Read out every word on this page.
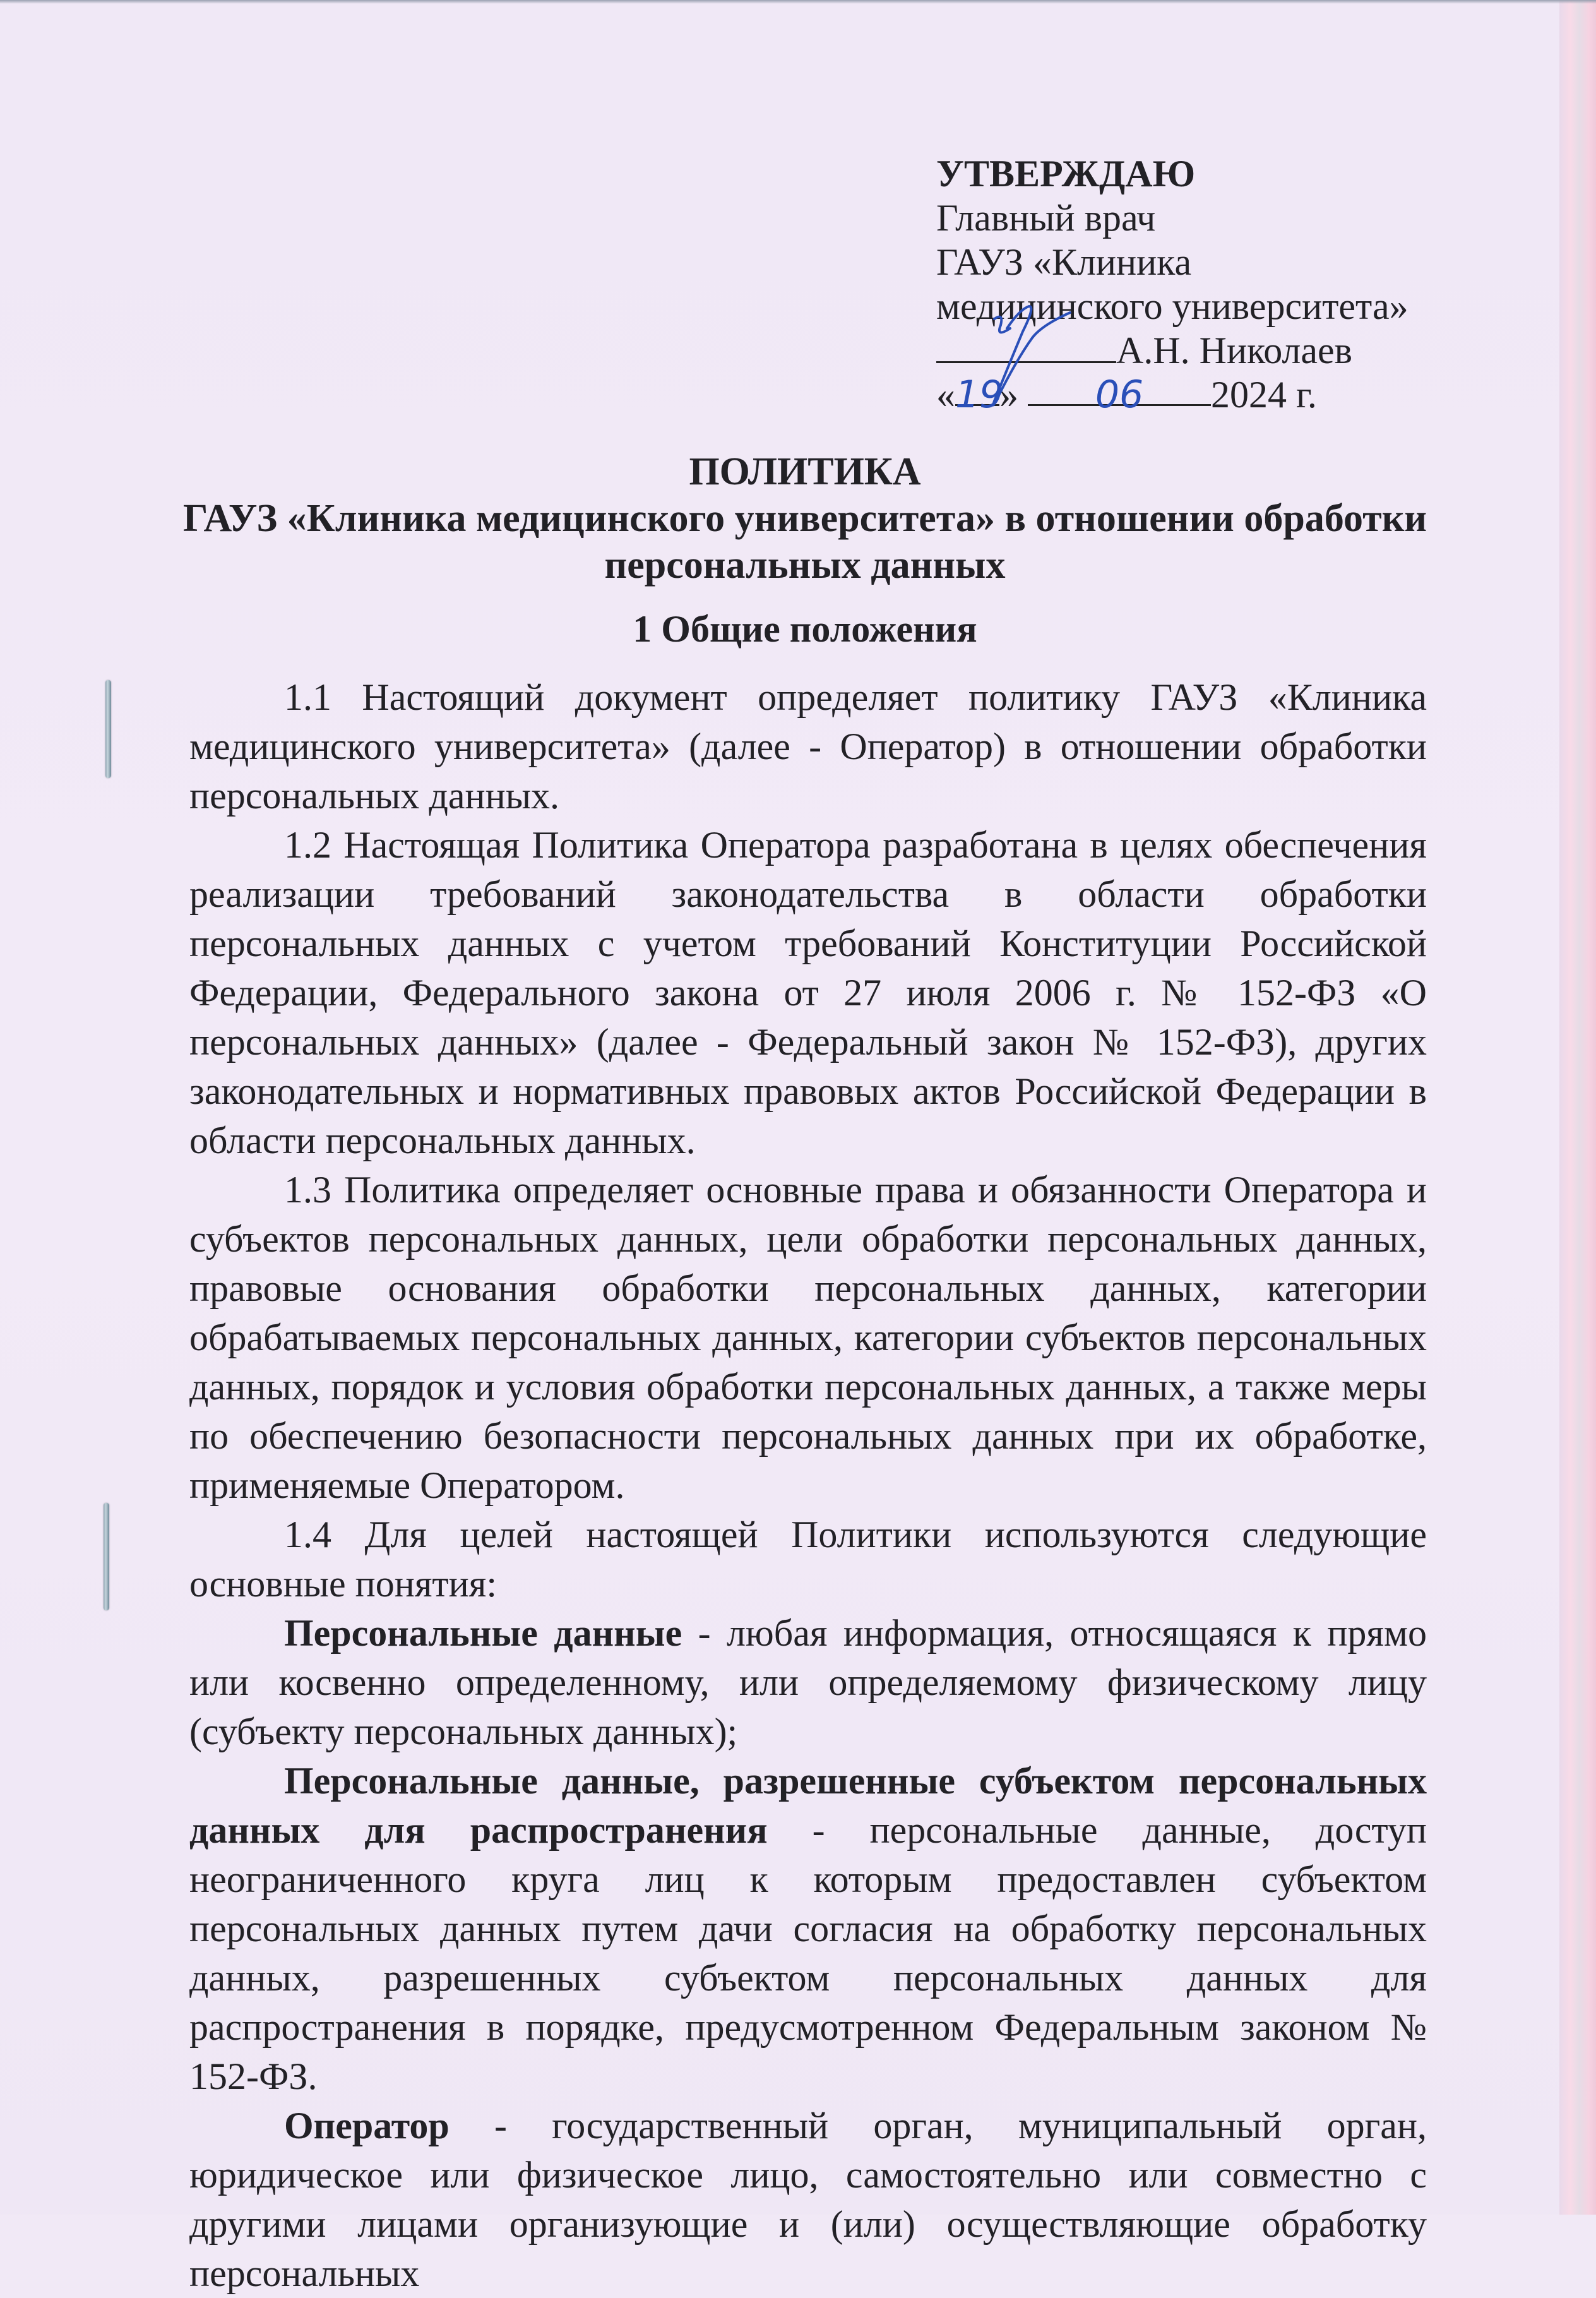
УТВЕРЖДАЮ
Главный врач
ГАУЗ «Клиника
медицинского университета»
А.Н. Николаев
«19» 06 2024 г.
ПОЛИТИКА
ГАУЗ «Клиника медицинского университета» в отношении обработки
персональных данных
1 Общие положения

1.1 Настоящий документ определяет политику ГАУЗ «Клиника медицинского университета» (далее - Оператор) в отношении обработки персональных данных.

1.2 Настоящая Политика Оператора разработана в целях обеспечения реализации требований законодательства в области обработки персональных данных с учетом требований Конституции Российской Федерации, Федерального закона от 27 июля 2006 г. № 152-ФЗ «О персональных данных» (далее - Федеральный закон № 152-ФЗ), других законодательных и нормативных правовых актов Российской Федерации в области персональных данных.

1.3 Политика определяет основные права и обязанности Оператора и субъектов персональных данных, цели обработки персональных данных, правовые основания обработки персональных данных, категории обрабатываемых персональных данных, категории субъектов персональных данных, порядок и условия обработки персональных данных, а также меры по обеспечению безопасности персональных данных при их обработке, применяемые Оператором.

1.4 Для целей настоящей Политики используются следующие основные понятия:

Персональные данные - любая информация, относящаяся к прямо или косвенно определенному, или определяемому физическому лицу (субъекту персональных данных);

Персональные данные, разрешенные субъектом персональных данных для распространения - персональные данные, доступ неограниченного круга лиц к которым предоставлен субъектом персональных данных путем дачи согласия на обработку персональных данных, разрешенных субъектом персональных данных для распространения в порядке, предусмотренном Федеральным законом № 152-ФЗ.

Оператор - государственный орган, муниципальный орган, юридическое или физическое лицо, самостоятельно или совместно с другими лицами организующие и (или) осуществляющие обработку персональных
